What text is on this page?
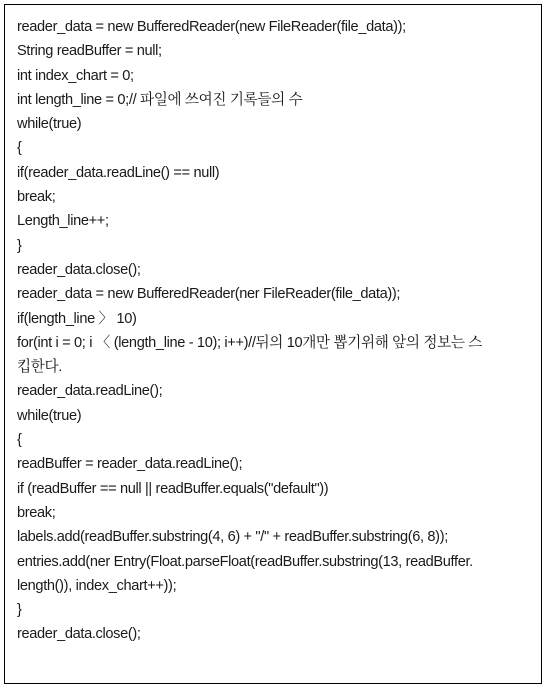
reader_data = new BufferedReader(new FileReader(file_data));
String readBuffer = null;
int index_chart = 0;
int length_line = 0;// 파일에 쓰여진 기록들의 수
while(true)
{
if(reader_data.readLine() == null)
break;
Length_line++;
}
reader_data.close();
reader_data = new BufferedReader(ner FileReader(file_data));
if(length_line 〉 10)
for(int i = 0; i 〈 (length_line - 10); i++)//뒤의 10개만 뽑기위해 앞의 정보는 스
킵한다.
reader_data.readLine();
while(true)
{
readBuffer = reader_data.readLine();
if (readBuffer == null || readBuffer.equals("default"))
break;
labels.add(readBuffer.substring(4, 6) + "/" + readBuffer.substring(6, 8));
entries.add(ner Entry(Float.parseFloat(readBuffer.substring(13, readBuffer.
length()), index_chart++));
}
reader_data.close();
